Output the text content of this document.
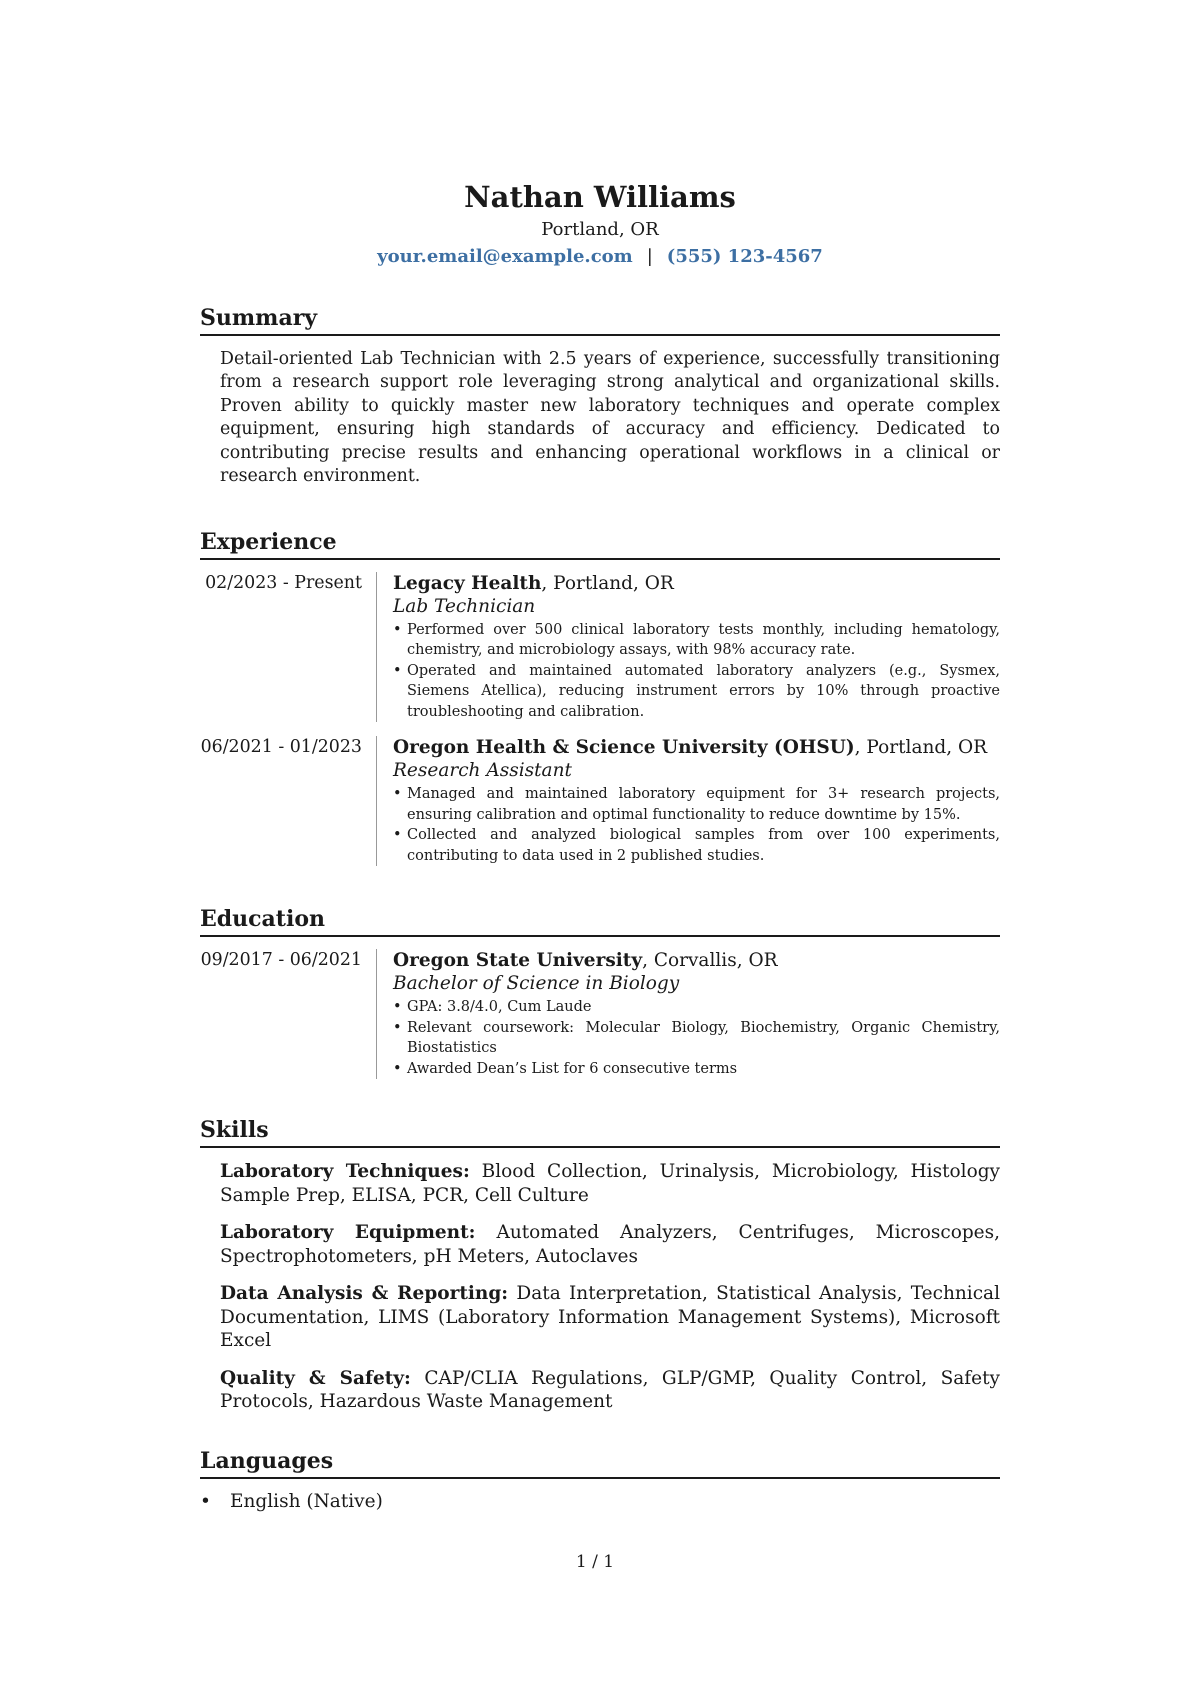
Nathan Williams
Portland, OR
your.email@example.com | (555) 123-4567
Summary
Detail-oriented Lab Technician with 2.5 years of experience, successfully transitioning from a research support role leveraging strong analytical and organizational skills. Proven ability to quickly master new laboratory techniques and operate complex equipment, ensuring high standards of accuracy and efficiency. Dedicated to contributing precise results and enhancing operational workflows in a clinical or research environment.
Experience
02/2023 - Present	Legacy Health, Portland, OR
Lab Technician
• Performed over 500 clinical laboratory tests monthly, including hematology, chemistry, and microbiology assays, with 98% accuracy rate.
• Operated and maintained automated laboratory analyzers (e.g., Sysmex, Siemens Atellica), reducing instrument errors by 10% through proactive troubleshooting and calibration.
06/2021 - 01/2023	Oregon Health & Science University (OHSU), Portland, OR
Research Assistant
• Managed and maintained laboratory equipment for 3+ research projects, ensuring calibration and optimal functionality to reduce downtime by 15%.
• Collected and analyzed biological samples from over 100 experiments, contributing to data used in 2 published studies.
Education
09/2017 - 06/2021	Oregon State University, Corvallis, OR
Bachelor of Science in Biology
• GPA: 3.8/4.0, Cum Laude
• Relevant coursework: Molecular Biology, Biochemistry, Organic Chemistry, Biostatistics
• Awarded Dean’s List for 6 consecutive terms
Skills
Laboratory Techniques: Blood Collection, Urinalysis, Microbiology, Histology Sample Prep, ELISA, PCR, Cell Culture
Laboratory Equipment: Automated Analyzers, Centrifuges, Microscopes, Spectrophotometers, pH Meters, Autoclaves
Data Analysis & Reporting: Data Interpretation, Statistical Analysis, Technical Documentation, LIMS (Laboratory Information Management Systems), Microsoft Excel
Quality & Safety: CAP/CLIA Regulations, GLP/GMP, Quality Control, Safety Protocols, Hazardous Waste Management
Languages
• English (Native)
1 / 1
